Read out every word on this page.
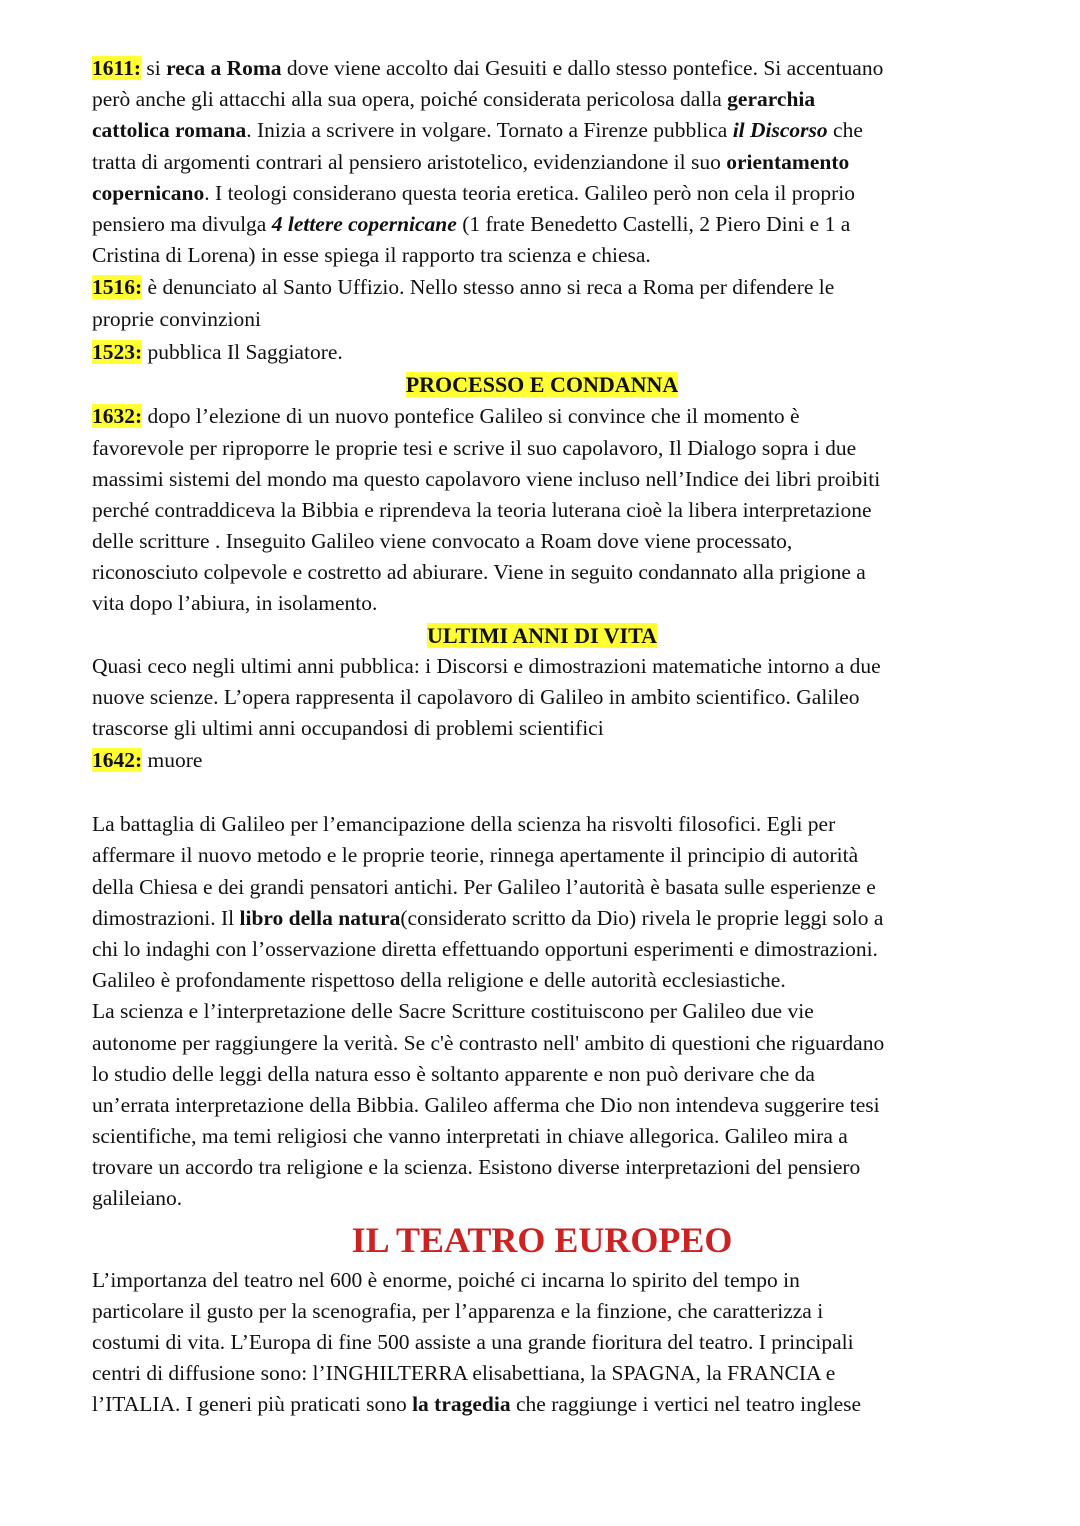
1611: si reca a Roma dove viene accolto dai Gesuiti e dallo stesso pontefice. Si accentuano
però anche gli attacchi alla sua opera, poiché considerata pericolosa dalla gerarchia
cattolica romana. Inizia a scrivere in volgare. Tornato a Firenze pubblica il Discorso che
tratta di argomenti contrari al pensiero aristotelico, evidenziandone il suo orientamento
copernicano. I teologi considerano questa teoria eretica. Galileo però non cela il proprio
pensiero ma divulga 4 lettere copernicane (1 frate Benedetto Castelli, 2 Piero Dini e 1 a
Cristina di Lorena) in esse spiega il rapporto tra scienza e chiesa.
1516: è denunciato al Santo Uffizio. Nello stesso anno si reca a Roma per difendere le
proprie convinzioni
1523: pubblica Il Saggiatore.
PROCESSO E CONDANNA
1632: dopo l’elezione di un nuovo pontefice Galileo si convince che il momento è
favorevole per riproporre le proprie tesi e scrive il suo capolavoro, Il Dialogo sopra i due
massimi sistemi del mondo ma questo capolavoro viene incluso nell’Indice dei libri proibiti
perché contraddiceva la Bibbia e riprendeva la teoria luterana cioè la libera interpretazione
delle scritture . Inseguito Galileo viene convocato a Roam dove viene processato,
riconosciuto colpevole e costretto ad abiurare. Viene in seguito condannato alla prigione a
vita dopo l’abiura, in isolamento.
ULTIMI ANNI DI VITA
Quasi ceco negli ultimi anni pubblica: i Discorsi e dimostrazioni matematiche intorno a due
nuove scienze. L’opera rappresenta il capolavoro di Galileo in ambito scientifico. Galileo
trascorse gli ultimi anni occupandosi di problemi scientifici
1642: muore
La battaglia di Galileo per l’emancipazione della scienza ha risvolti filosofici. Egli per
affermare il nuovo metodo e le proprie teorie, rinnega apertamente il principio di autorità
della Chiesa e dei grandi pensatori antichi. Per Galileo l’autorità è basata sulle esperienze e
dimostrazioni. Il libro della natura(considerato scritto da Dio) rivela le proprie leggi solo a
chi lo indaghi con l’osservazione diretta effettuando opportuni esperimenti e dimostrazioni.
Galileo è profondamente rispettoso della religione e delle autorità ecclesiastiche.
La scienza e l’interpretazione delle Sacre Scritture costituiscono per Galileo due vie
autonome per raggiungere la verità. Se c'è contrasto nell' ambito di questioni che riguardano
lo studio delle leggi della natura esso è soltanto apparente e non può derivare che da
un’errata interpretazione della Bibbia. Galileo afferma che Dio non intendeva suggerire tesi
scientifiche, ma temi religiosi che vanno interpretati in chiave allegorica. Galileo mira a
trovare un accordo tra religione e la scienza. Esistono diverse interpretazioni del pensiero
galileiano.
IL TEATRO EUROPEO
L’importanza del teatro nel 600 è enorme, poiché ci incarna lo spirito del tempo in
particolare il gusto per la scenografia, per l’apparenza e la finzione, che caratterizza i
costumi di vita. L’Europa di fine 500 assiste a una grande fioritura del teatro. I principali
centri di diffusione sono: l’INGHILTERRA elisabettiana, la SPAGNA, la FRANCIA e
l’ITALIA. I generi più praticati sono la tragedia che raggiunge i vertici nel teatro inglese
